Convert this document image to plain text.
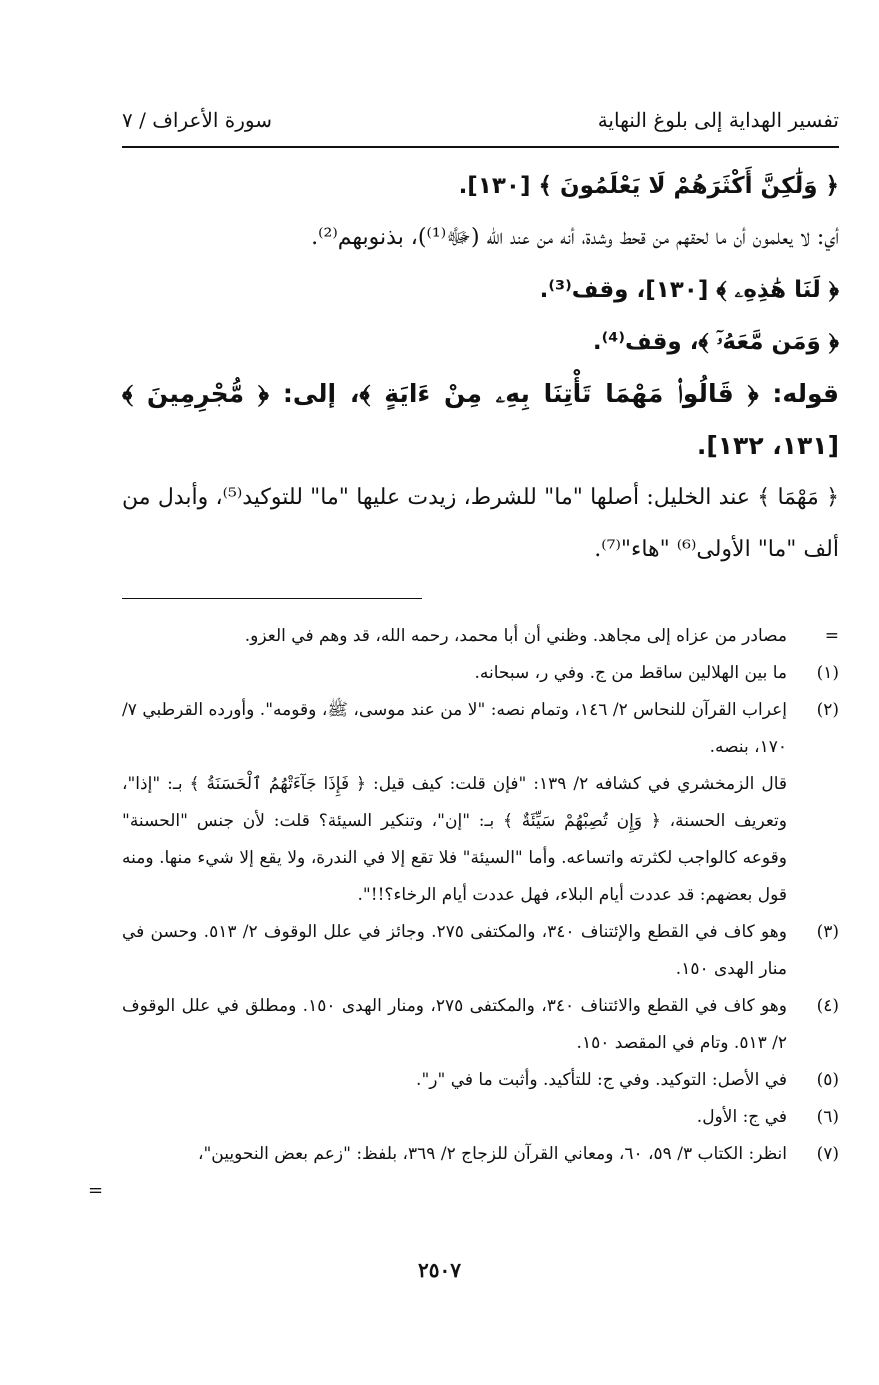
تفسير الهداية إلى بلوغ النهاية
سورة الأعراف / ٧

﴿ وَلَٰكِنَّ أَكْثَرَهُمْ لَا يَعْلَمُونَ ﴾ [١٣٠].

أي: لا يعلمون أن ما لحقهم من قحط وشدة، أنه من عند الله (ﷻ⁽¹⁾)، بذنوبهم⁽²⁾.

﴿ لَنَا هَٰذِهِۦ ﴾ [١٣٠]، وقف⁽³⁾.

﴿ وَمَن مَّعَهُۥٓ ﴾، وقف⁽⁴⁾.

قوله: ﴿ قَالُوا۟ مَهْمَا تَأْتِنَا بِهِۦ مِنْ ءَايَةٍ ﴾، إلى: ﴿ مُّجْرِمِينَ ﴾ [١٣١، ١٣٢].

﴿ مَهْمَا ﴾ عند الخليل: أصلها "ما" للشرط، زيدت عليها "ما" للتوكيد⁽⁵⁾، وأبدل من ألف "ما" الأولى⁽⁶⁾ "هاء"⁽⁷⁾.

=
مصادر من عزاه إلى مجاهد. وظني أن أبا محمد، رحمه الله، قد وهم في العزو.
(١)
ما بين الهلالين ساقط من ج. وفي ر، سبحانه.
(٢)
إعراب القرآن للنحاس ٢/ ١٤٦، وتمام نصه: "لا من عند موسى، ﷺ، وقومه". وأورده القرطبي ٧/ ١٧٠، بنصه.
قال الزمخشري في كشافه ٢/ ١٣٩: "فإن قلت: كيف قيل: ﴿ فَإِذَا جَآءَتْهُمُ ٱلْحَسَنَةُ ﴾ بـ: "إذا"، وتعريف الحسنة، ﴿ وَإِن تُصِبْهُمْ سَيِّئَةٌ ﴾ بـ: "إن"، وتنكير السيئة؟ قلت: لأن جنس "الحسنة" وقوعه كالواجب لكثرته واتساعه. وأما "السيئة" فلا تقع إلا في الندرة، ولا يقع إلا شيء منها. ومنه قول بعضهم: قد عددت أيام البلاء، فهل عددت أيام الرخاء؟!!".
(٣)
وهو كاف في القطع والإئتناف ٣٤٠، والمكتفى ٢٧٥. وجائز في علل الوقوف ٢/ ٥١٣. وحسن في منار الهدى ١٥٠.
(٤)
وهو كاف في القطع والائتناف ٣٤٠، والمكتفى ٢٧٥، ومنار الهدى ١٥٠. ومطلق في علل الوقوف ٢/ ٥١٣. وتام في المقصد ١٥٠.
(٥)
في الأصل: التوكيد. وفي ج: للتأكيد. وأثبت ما في "ر".
(٦)
في ج: الأول.
(٧)
انظر: الكتاب ٣/ ٥٩، ٦٠، ومعاني القرآن للزجاج ٢/ ٣٦٩، بلفظ: "زعم بعض النحويين"،
=
٢٥٠٧
